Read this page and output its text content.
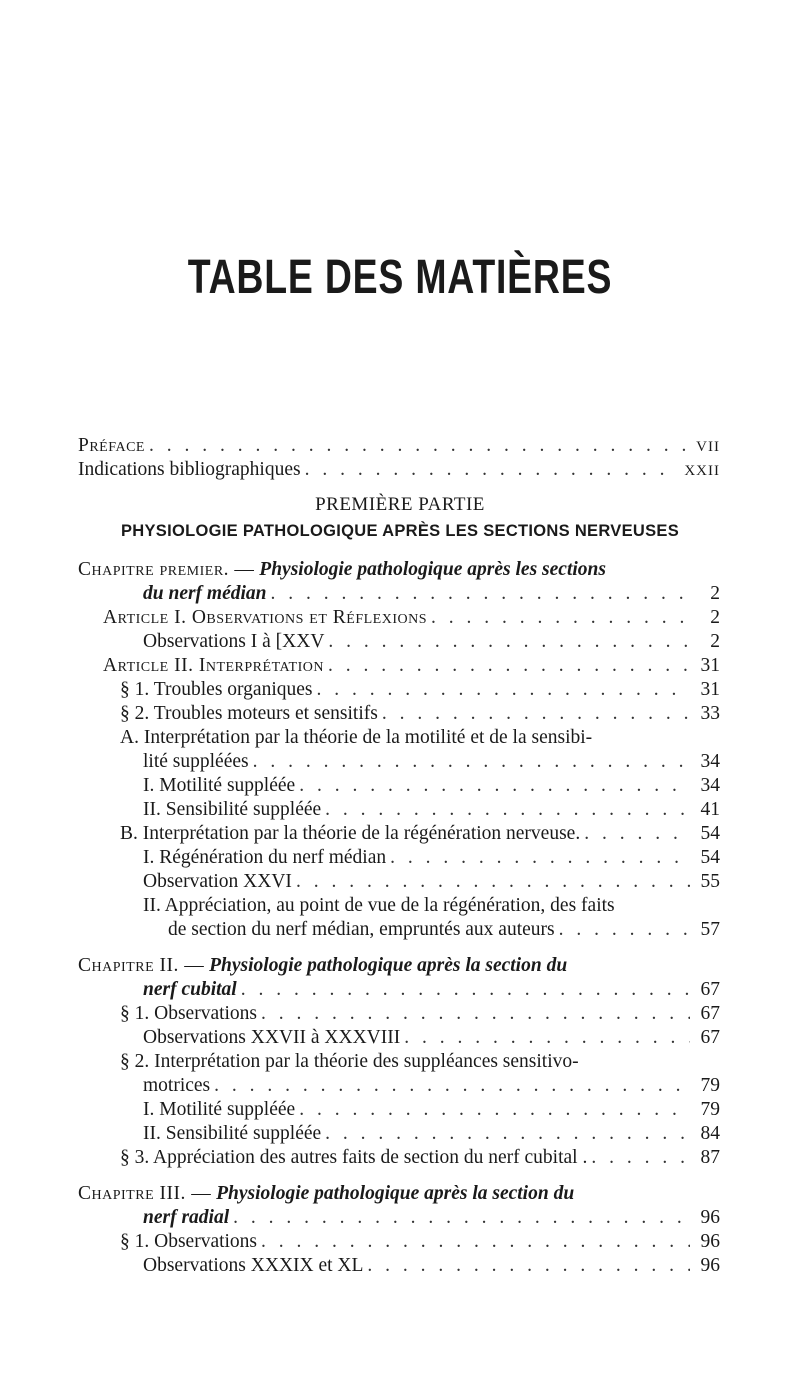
TABLE DES MATIÈRES
Préface . . .	VII
Indications bibliographiques . . .	XXII
PREMIÈRE PARTIE
PHYSIOLOGIE PATHOLOGIQUE APRÈS LES SECTIONS NERVEUSES
Chapitre premier. — Physiologie pathologique après les sections
du nerf médian . . .	2
Article I. Observations et Réflexions . . .	2
Observations I à [XXV . . .	2
Article II. Interprétation . . .	31
§ 1. Troubles organiques . . .	31
§ 2. Troubles moteurs et sensitifs . . .	33
A. Interprétation par la théorie de la motilité et de la sensibi-
lité suppléées . . .	34
I. Motilité suppléée . . .	34
II. Sensibilité suppléée . . .	41
B. Interprétation par la théorie de la régénération nerveuse. . . .	54
I. Régénération du nerf médian . . .	54
Observation XXVI . . .	55
II. Appréciation, au point de vue de la régénération, des faits
de section du nerf médian, empruntés aux auteurs . . .	57
Chapitre II. — Physiologie pathologique après la section du
nerf cubital . . .	67
§ 1. Observations . . .	67
Observations XXVII à XXXVIII . . .	67
§ 2. Interprétation par la théorie des suppléances sensitivo-
motrices . . .	79
I. Motilité suppléée . . .	79
II. Sensibilité suppléée . . .	84
§ 3. Appréciation des autres faits de section du nerf cubital . . . .	87
Chapitre III. — Physiologie pathologique après la section du
nerf radial . . .	96
§ 1. Observations . . .	96
Observations XXXIX et XL . . .	96
